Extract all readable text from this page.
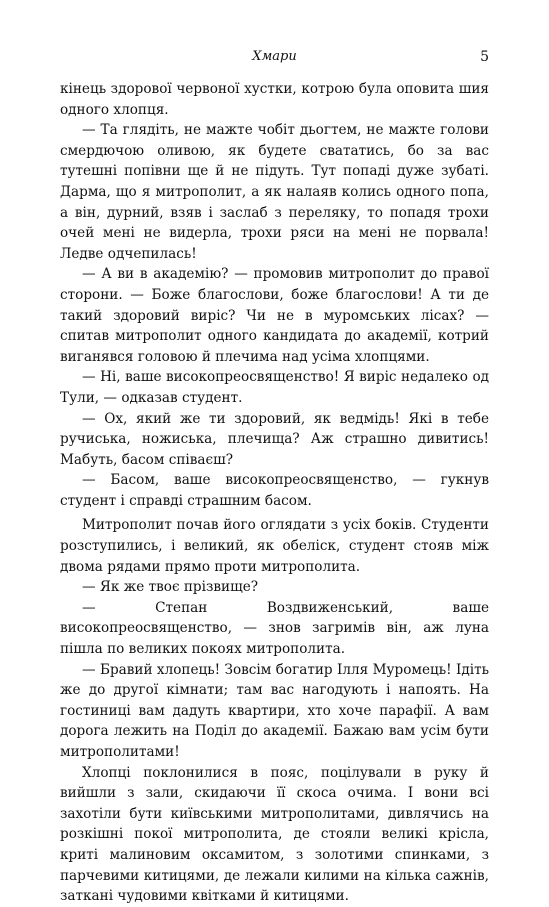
Хмари	5

кінець здорової червоної хустки, котрою була оповита шия одного хлопця.

— Та глядіть, не мажте чобіт дьогтем, не мажте голови смердючою оливою, як будете свататись, бо за вас тутешні попівни ще й не підуть. Тут попаді дуже зубаті. Дарма, що я митрополит, а як налаяв колись одного попа, а він, дурний, взяв і заслаб з переляку, то попадя трохи очей мені не видерла, трохи ряси на мені не порвала! Ледве одчепилась!

— А ви в академію? — промовив митрополит до правої сторони. — Боже благослови, боже благослови! А ти де такий здоровий виріс? Чи не в муромських лісах? — спитав митрополит одного кандидата до академії, котрий виганявся головою й плечима над усіма хлопцями.

— Ні, ваше високопреосвященство! Я виріс недалеко од Тули, — одказав студент.

— Ох, який же ти здоровий, як ведмідь! Які в тебе ручиська, ножиська, плечища? Аж страшно дивитись! Мабуть, басом співаєш?

— Басом, ваше високопреосвященство, — гукнув студент і справді страшним басом.

Митрополит почав його оглядати з усіх боків. Студенти розступились, і великий, як обеліск, студент стояв між двома рядами прямо проти митрополита.

— Як же твоє прізвище?

— Степан Воздвиженський, ваше високопреосвященство, — знов загримів він, аж луна пішла по великих покоях митрополита.

— Бравий хлопець! Зовсім богатир Ілля Муромець! Ідіть же до другої кімнати; там вас нагодують і напоять. На гостиниці вам дадуть квартири, хто хоче парафії. А вам дорога лежить на Поділ до академії. Бажаю вам усім бути митрополитами!

Хлопці поклонилися в пояс, поцілували в руку й вийшли з зали, скидаючи її скоса очима. І вони всі захотіли бути київськими митрополитами, дивлячись на розкішні покої митрополита, де стояли великі крісла, криті малиновим оксамитом, з золотими спинками, з парчевими китицями, де лежали килими на кілька сажнів, заткані чудовими квітками й китицями.
